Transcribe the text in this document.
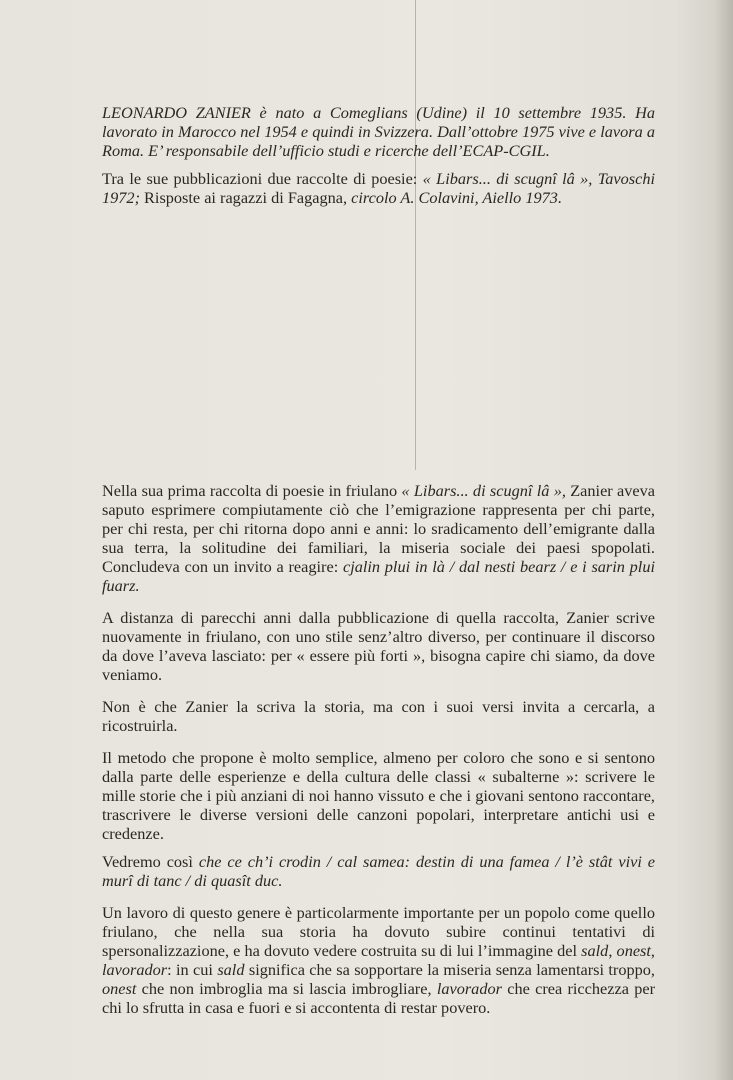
LEONARDO ZANIER è nato a Comeglians (Udine) il 10 settembre 1935. Ha lavorato in Marocco nel 1954 e quindi in Svizzera. Dall’ottobre 1975 vive e lavora a Roma. E’ responsabile dell’ufficio studi e ricerche dell’ECAP-CGIL.

Tra le sue pubblicazioni due raccolte di poesie: « Libars... di scugnî lâ », Tavoschi 1972; Risposte ai ragazzi di Fagagna, circolo A. Colavini, Aiello 1973.

Nella sua prima raccolta di poesie in friulano « Libars... di scugnî lâ », Zanier aveva saputo esprimere compiutamente ciò che l’emigrazione rappresenta per chi parte, per chi resta, per chi ritorna dopo anni e anni: lo sradicamento dell’emigrante dalla sua terra, la solitudine dei familiari, la miseria sociale dei paesi spopolati. Concludeva con un invito a reagire: cjalin plui in là / dal nesti bearz / e i sarin plui fuarz.

A distanza di parecchi anni dalla pubblicazione di quella raccolta, Zanier scrive nuovamente in friulano, con uno stile senz’altro diverso, per continuare il discorso da dove l’aveva lasciato: per « essere più forti », bisogna capire chi siamo, da dove veniamo.

Non è che Zanier la scriva la storia, ma con i suoi versi invita a cercarla, a ricostruirla.

Il metodo che propone è molto semplice, almeno per coloro che sono e si sentono dalla parte delle esperienze e della cultura delle classi « subalterne »: scrivere le mille storie che i più anziani di noi hanno vissuto e che i giovani sentono raccontare, trascrivere le diverse versioni delle canzoni popolari, interpretare antichi usi e credenze.

Vedremo così che ce ch’i crodin / cal samea: destin di una famea / l’è stât vivi e murî di tanc / di quasît duc.

Un lavoro di questo genere è particolarmente importante per un popolo come quello friulano, che nella sua storia ha dovuto subire continui tentativi di spersonalizzazione, e ha dovuto vedere costruita su di lui l’immagine del sald, onest, lavorador: in cui sald significa che sa sopportare la miseria senza lamentarsi troppo, onest che non imbroglia ma si lascia imbrogliare, lavorador che crea ricchezza per chi lo sfrutta in casa e fuori e si accontenta di restar povero.
